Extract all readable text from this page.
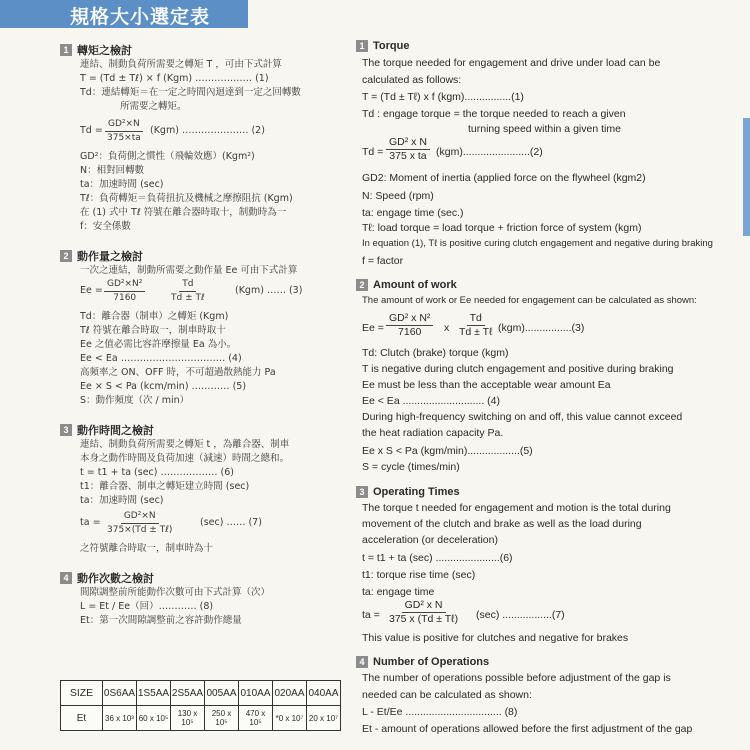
規格大小選定表
1 轉矩之檢討
連結、制動負荷所需要之轉矩 T ，可由下式計算
T = (Td ± Tℓ) × f (Kgm) ……………… (1)
Td：連結轉矩＝在一定之時間內迴達到一定之回轉數
所需要之轉矩。
$Td = \frac{\text{GD²×N}}{375\times ta} (Kgm)$ ………………… (2)
GD²：負荷側之慣性（飛輪效應）(Kgm²)
N：相對回轉數
ta：加速時間 (sec)
Tℓ：負荷轉矩＝負荷扭抗及機械之摩擦阻抗 (Kgm)
在 (1) 式中 Tℓ 符號在離合器時取十，制動時為一
f：安全係數
2 動作量之檢討
一次之連結，制動所需要之動作量 Ee 可由下式計算
$Ee = \frac{\text{GD²×N²}}{7160}$	Td
Td ± Tℓ
(Kgm) …… (3)
Td：離合器（制車）之轉矩 (Kgm)
Tℓ 符號在離合時取一，制車時取十
Ee 之值必需比容許摩擦量 Ea 為小。
Ee < Ea …………………………… (4)
高頻率之 ON、OFF 時，不可超過散熱能力 Pa
Ee × S < Pa (kcm/min) ………… (5)
S：動作頻度（次 / min）
3 動作時間之檢討
連結、制動負荷所需要之轉矩 t ，為離合器、制車
本身之動作時間及負荷加速（減速）時間之總和。
t = t1 + ta (sec) ……………… (6)
t1：離合器、制車之轉矩建立時間 (sec)
ta：加速時間 (sec)
ta =
GD²×N
375×(Td ± Tℓ)
(sec) …… (7)
之符號離合時取一，制車時為十
4 動作次數之檢討
間隙調整前所能動作次數可由下式計算（次）
L = Et / Ee（回）………… (8)
Et：第一次間隙調整前之容許動作總量
1 Torque
The torque needed for engagement and drive under load can be
calculated as follows:
T = (Td ± Tℓ) x f (kgm)................(1)
Td : engage torque = the torque needed to reach a given
turning speed within a given time
$Td = \frac{\text{GD² x N}}{\text{375 x ta}} (kgm).......................(2)$
GD2: Moment of inertia (applied force on the flywheel (kgm2)
N: Speed (rpm)
ta: engage time (sec.)
Tℓ: load torque = load torque + friction force of system (kgm)
In equation (1), Tℓ is positive curing clutch engagement and negative during braking
f = factor
2 Amount of work
The amount of work or Ee needed for engagement can be calculated as shown:
$Ee = \frac{\text{GD² x N²}}{7160}$ x
Td
Td ± Tℓ (kgm)................(3)
Td: Clutch (brake) torque (kgm)
T is negative during clutch engagement and positive during braking
Ee must be less than the acceptable wear amount Ea
Ee < Ea ............................ (4)
During high-frequency switching on and off, this value cannot exceed
the heat radiation capacity Pa.
Ee x S < Pa (kgm/min)..................(5)
S = cycle (times/min)
3 Operating Times
The torque t needed for engagement and motion is the total during
movement of the clutch and brake as well as the load during
acceleration (or deceleration)
t = t1 + ta (sec) ......................(6)
t1: torque rise time (sec)
ta: engage time
ta =
GD² x N
375 x (Td ± Tℓ) (sec) .................(7)
This value is positive for clutches and negative for brakes
4 Number of Operations
The number of operations possible before adjustment of the gap is
needed can be calculated as shown:
L - Et/Ee ................................. (8)
Et - amount of operations allowed before the first adjustment of the gap
SIZE	0S6AA	1S5AA	2S5AA	005AA	010AA	020AA	040AA
Et	36 x 10³	60 x 10⁵	130 x 10⁵	250 x 10⁵	470 x 10⁵	*0 x 10⁷	20 x 10⁷
